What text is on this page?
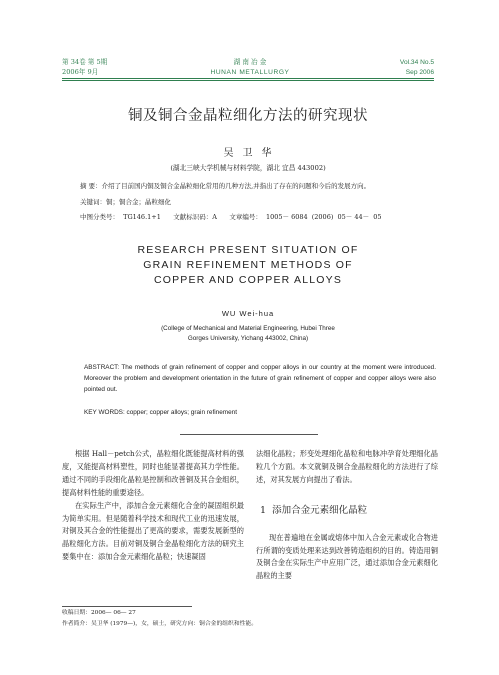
第 34卷 第 5期
2006年 9月
湖 南 冶 金
HUNAN METALLURGY
Vol.34 No.5
Sep 2006
铜及铜合金晶粒细化方法的研究现状
吴卫华
(湖北三峡大学机械与材料学院，湖北 宜昌 443002)
摘 要：介绍了目前国内铜及铜合金晶粒细化常用的几种方法,并指出了存在的问题和今后的发展方向。
关键词：铜；铜合金；晶粒细化
中图分类号：  TG146.1+1      文献标识码：A      文章编号：  1005－ 6084  (2006)  05－ 44－  05
RESEARCH PRESENT SITUATION OF
GRAIN REFINEMENT METHODS OF
COPPER AND COPPER ALLOYS
WU Wei-hua
(College of Mechanical and Material Engineering, Hubei Three
Gorges University, Yichang 443002, China)
ABSTRACT: The methods of grain refinement of copper and copper alloys in our country at the moment were introduced. Moreover the problem and development orientation in the future of grain refinement of copper and copper alloys were also pointed out.
KEY WORDS: copper; copper alloys; grain refinement

根据 Hall－petch公式，晶粒细化既能提高材料的强度，又能提高材料塑性，同时也能显著提高其力学性能。通过不同的手段细化晶粒是控制和改善铜及其合金组织，提高材料性能的重要途径。

在实际生产中，添加合金元素细化合金的凝固组织最为简单实用。但是随着科学技术和现代工业的迅速发展，对铜及其合金的性能提出了更高的要求，需要发展新型的晶粒细化方法。目前对铜及铜合金晶粒细化方法的研究主要集中在：添加合金元素细化晶粒；快速凝固

法细化晶粒；形变处理细化晶粒和电脉冲孕育处理细化晶粒几个方面。本文就铜及铜合金晶粒细化的方法进行了综述，对其发展方向提出了看法。

1 添加合金元素细化晶粒

现在普遍地在金属或熔体中加入合金元素或化合物进行所谓的变质处理来达到改善铸造组织的目的。铸造用铜及铜合金在实际生产中应用广泛，通过添加合金元素细化晶粒的主要

收稿日期：2006— 06— 27
作者简介：吴卫华 (1979—)，女，硕士，研究方向：铜合金的组织和性能。
